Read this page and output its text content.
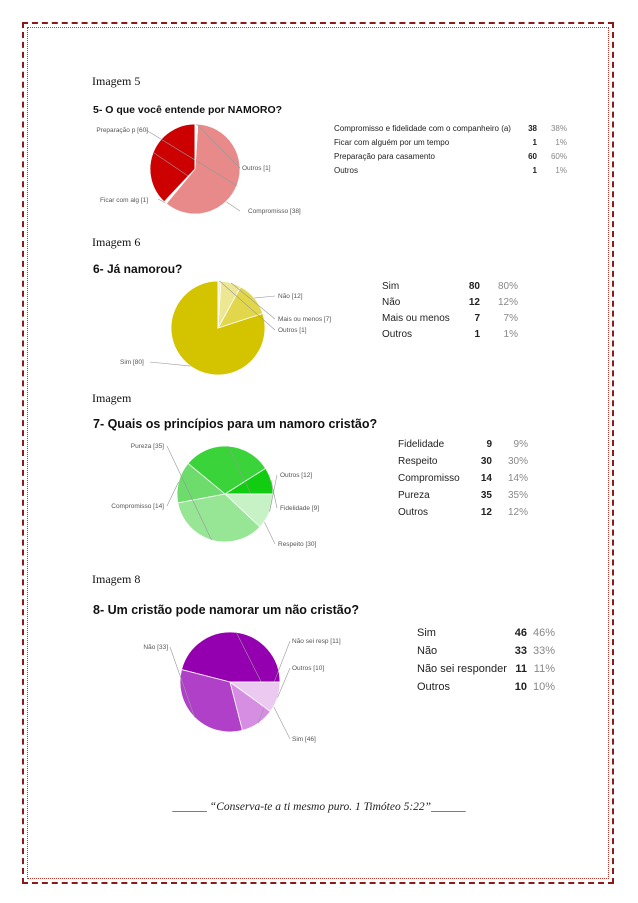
Imagem 5
5- O que você entende por NAMORO?
Compromisso [38]
Ficar com alg [1]
Preparação p [60]
Outros [1]
Compromisso e fidelidade com o companheiro (a)	38	38%
Ficar com alguém por um tempo	1	1%
Preparação para casamento	60	60%
Outros	1	1%
Imagem 6
6- Já namorou?
Sim [80]
Não [12]
Mais ou menos [7]
Outros [1]
Sim	80	80%
Não	12	12%
Mais ou menos	7	7%
Outros	1	1%
Imagem
7- Quais os princípios para um namoro cristão?
Fidelidade [9]
Respeito [30]
Compromisso [14]
Pureza [35]
Outros [12]
Fidelidade	9	9%
Respeito	30	30%
Compromisso	14	14%
Pureza	35	35%
Outros	12	12%
Imagem 8
8- Um cristão pode namorar um não cristão?
Sim [46]
Não [33]
Não sei resp [11]
Outros [10]
Sim	46	46%
Não	33	33%
Não sei responder	11	11%
Outros	10	10%
______ “Conserva-te a ti mesmo puro. 1 Timóteo 5:22”______
